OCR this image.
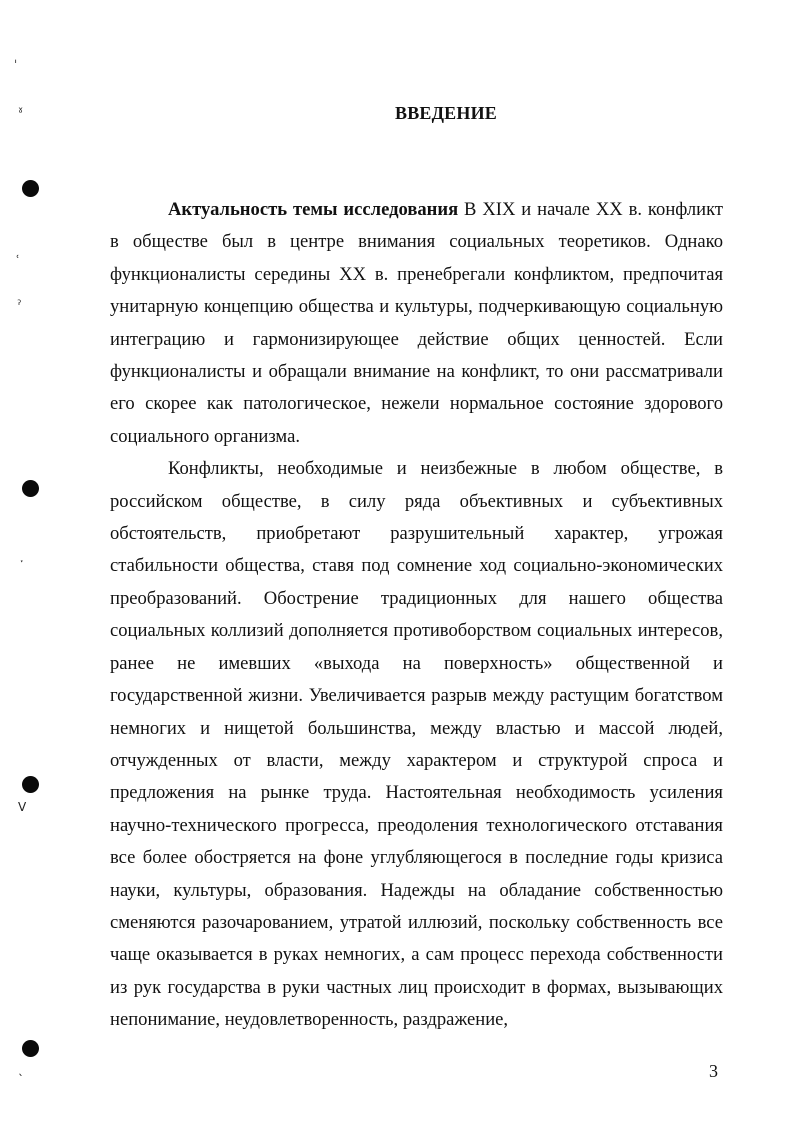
ˈ
ˠ
˓
ˀ
ˑ
V
ˎ
ВВЕДЕНИЕ

Актуальность темы исследования В XIX и начале XX в. конфликт в обществе был в центре внимания социальных теоретиков. Однако функционалисты середины XX в. пренебрегали конфликтом, предпочитая унитарную концепцию общества и культуры, подчеркивающую социальную интеграцию и гармонизирующее действие общих ценностей. Если функционалисты и обращали внимание на конфликт, то они рассматривали его скорее как патологическое, нежели нормальное состояние здорового социального организма.

Конфликты, необходимые и неизбежные в любом обществе, в российском обществе, в силу ряда объективных и субъективных обстоятельств, приобретают разрушительный характер, угрожая стабильности общества, ставя под сомнение ход социально-экономических преобразований. Обострение традиционных для нашего общества социальных коллизий дополняется противоборством социальных интересов, ранее не имевших «выхода на поверхность» общественной и государственной жизни. Увеличивается разрыв между растущим богатством немногих и нищетой большинства, между властью и массой людей, отчужденных от власти, между характером и структурой спроса и предложения на рынке труда. Настоятельная необходимость усиления научно-технического прогресса, преодоления технологического отставания все более обостряется на фоне углубляющегося в последние годы кризиса науки, культуры, образования. Надежды на обладание собственностью сменяются разочарованием, утратой иллюзий, поскольку собственность все чаще оказывается в руках немногих, а сам процесс перехода собственности из рук государства в руки частных лиц происходит в формах, вызывающих непонимание, неудовлетворенность, раздражение,

3
